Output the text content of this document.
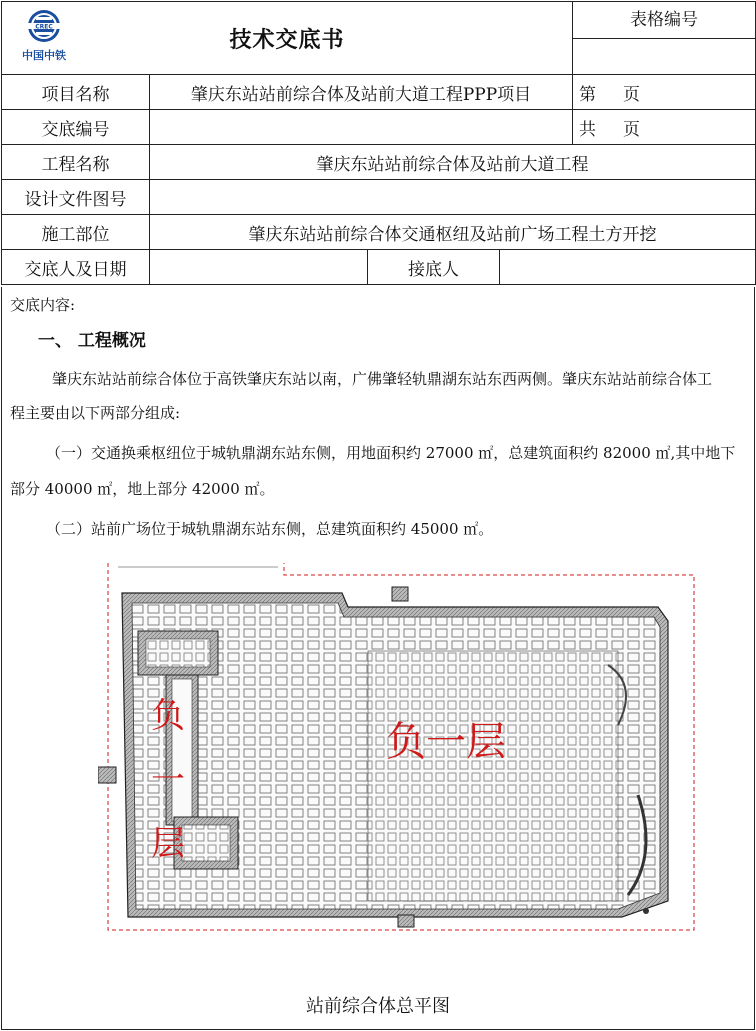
CREC
中国中铁
技术交底书				表格编号

项目名称	肇庆东站站前综合体及站前大道工程PPP项目			第     页
交底编号				共     页
工程名称	肇庆东站站前综合体及站前大道工程			
设计文件图号				
施工部位	肇庆东站站前综合体交通枢纽及站前广场工程土方开挖			
交底人及日期		接底人		
交底内容:
一、 工程概况
肇庆东站站前综合体位于高铁肇庆东站以南，广佛肇轻轨鼎湖东站东西两侧。肇庆东站站前综合体工
程主要由以下两部分组成:
（一）交通换乘枢纽位于城轨鼎湖东站东侧，用地面积约 27000 ㎡，总建筑面积约 82000 ㎡,其中地下
部分 40000 ㎡，地上部分 42000 ㎡。
（二）站前广场位于城轨鼎湖东站东侧，总建筑面积约 45000 ㎡。
负
一
层
负一层
站前综合体总平图
